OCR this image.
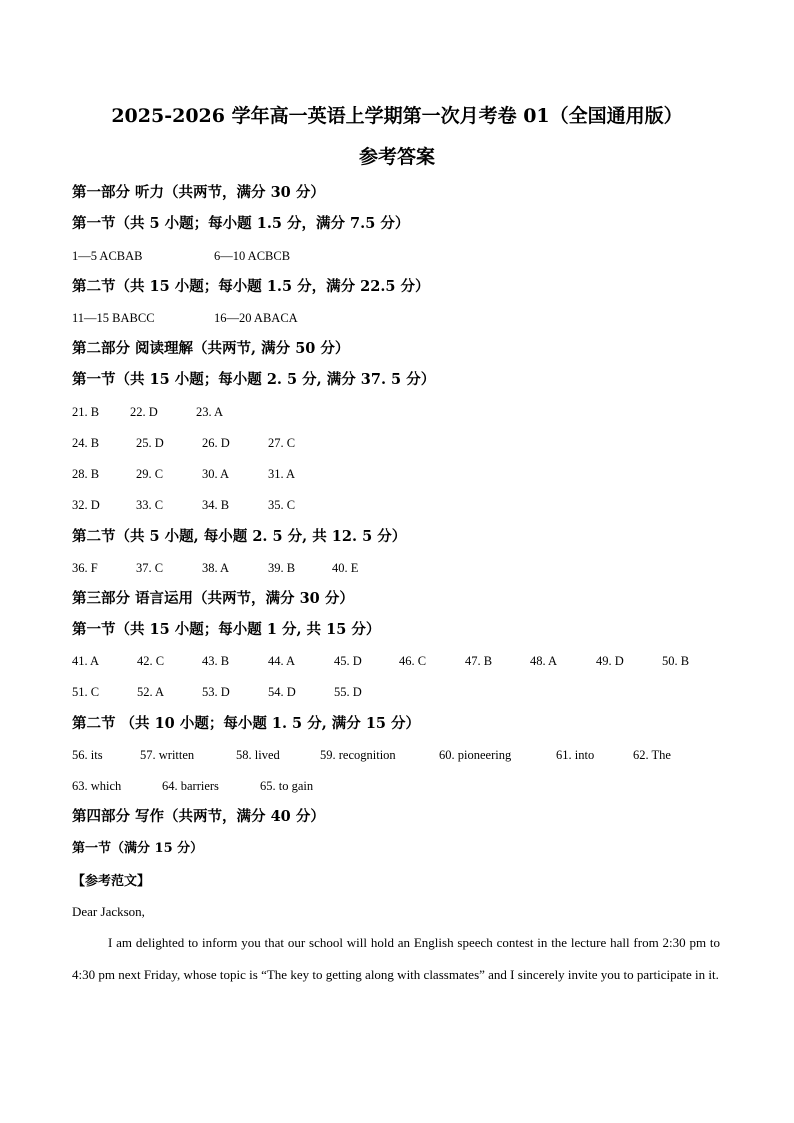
2025-2026 学年高一英语上学期第一次月考卷 01（全国通用版）
参考答案
第一部分 听力（共两节，满分 30 分）
第一节（共 5 小题；每小题 1.5 分，满分 7.5 分）
1—5 ACBAB	6—10 ACBCB
第二节（共 15 小题；每小题 1.5 分，满分 22.5 分）
11—15 BABCC	16—20 ABACA
第二部分 阅读理解（共两节, 满分 50 分）
第一节（共 15 小题；每小题 2. 5 分, 满分 37. 5 分）
21. B 22. D	23. A
24. B	25. D	26. D	27. C
28. B	29. C	30. A	31. A
32. D	33. C	34. B	35. C
第二节（共 5 小题, 每小题 2. 5 分, 共 12. 5 分）
36. F	37. C	38. A	39. B	40. E
第三部分 语言运用（共两节，满分 30 分）
第一节（共 15 小题；每小题 1 分, 共 15 分）
41. A	42. C	43. B	44. A	45. D	46. C	47. B	48. A	49. D	50. B
51. C	52. A	53. D	54. D	55. D
第二节 （共 10 小题；每小题 1. 5 分, 满分 15 分）
56. its	57. written	58. lived	59. recognition	60. pioneering	61. into	62. The
63. which	64. barriers	65. to gain
第四部分 写作（共两节，满分 40 分）
第一节（满分 15 分）
【参考范文】
Dear Jackson,
I am delighted to inform you that our school will hold an English speech contest in the lecture hall from 2:30 pm to 4:30 pm next Friday, whose topic is “The key to getting along with classmates” and I sincerely invite you to participate in it.
